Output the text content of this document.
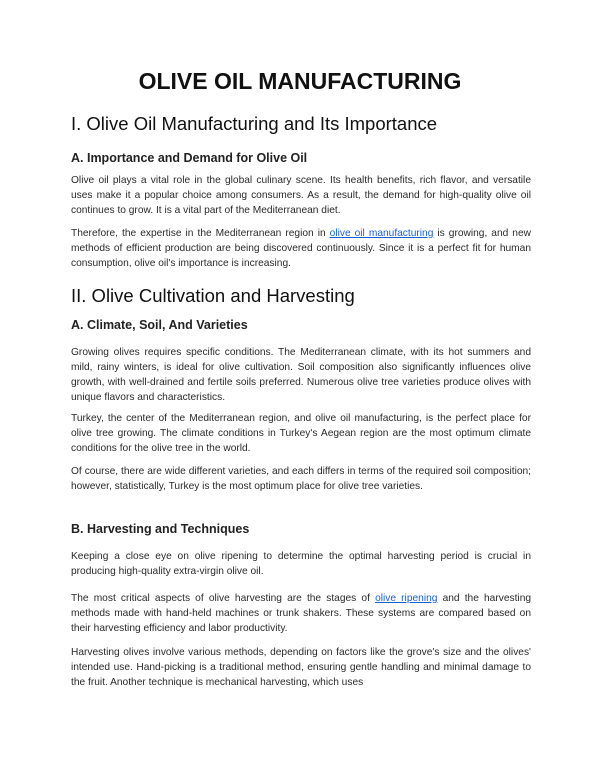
OLIVE OIL MANUFACTURING
I. Olive Oil Manufacturing and Its Importance
A. Importance and Demand for Olive Oil

Olive oil plays a vital role in the global culinary scene. Its health benefits, rich flavor, and versatile uses make it a popular choice among consumers. As a result, the demand for high-quality olive oil continues to grow. It is a vital part of the Mediterranean diet.

Therefore, the expertise in the Mediterranean region in olive oil manufacturing is growing, and new methods of efficient production are being discovered continuously. Since it is a perfect fit for human consumption, olive oil's importance is increasing.

II. Olive Cultivation and Harvesting
A. Climate, Soil, And Varieties

Growing olives requires specific conditions. The Mediterranean climate, with its hot summers and mild, rainy winters, is ideal for olive cultivation. Soil composition also significantly influences olive growth, with well-drained and fertile soils preferred. Numerous olive tree varieties produce olives with unique flavors and characteristics.

Turkey, the center of the Mediterranean region, and olive oil manufacturing, is the perfect place for olive tree growing. The climate conditions in Turkey's Aegean region are the most optimum climate conditions for the olive tree in the world.

Of course, there are wide different varieties, and each differs in terms of the required soil composition; however, statistically, Turkey is the most optimum place for olive tree varieties.

B. Harvesting and Techniques

Keeping a close eye on olive ripening to determine the optimal harvesting period is crucial in producing high-quality extra-virgin olive oil.

The most critical aspects of olive harvesting are the stages of olive ripening and the harvesting methods made with hand-held machines or trunk shakers. These systems are compared based on their harvesting efficiency and labor productivity.

Harvesting olives involve various methods, depending on factors like the grove's size and the olives' intended use. Hand-picking is a traditional method, ensuring gentle handling and minimal damage to the fruit. Another technique is mechanical harvesting, which uses
